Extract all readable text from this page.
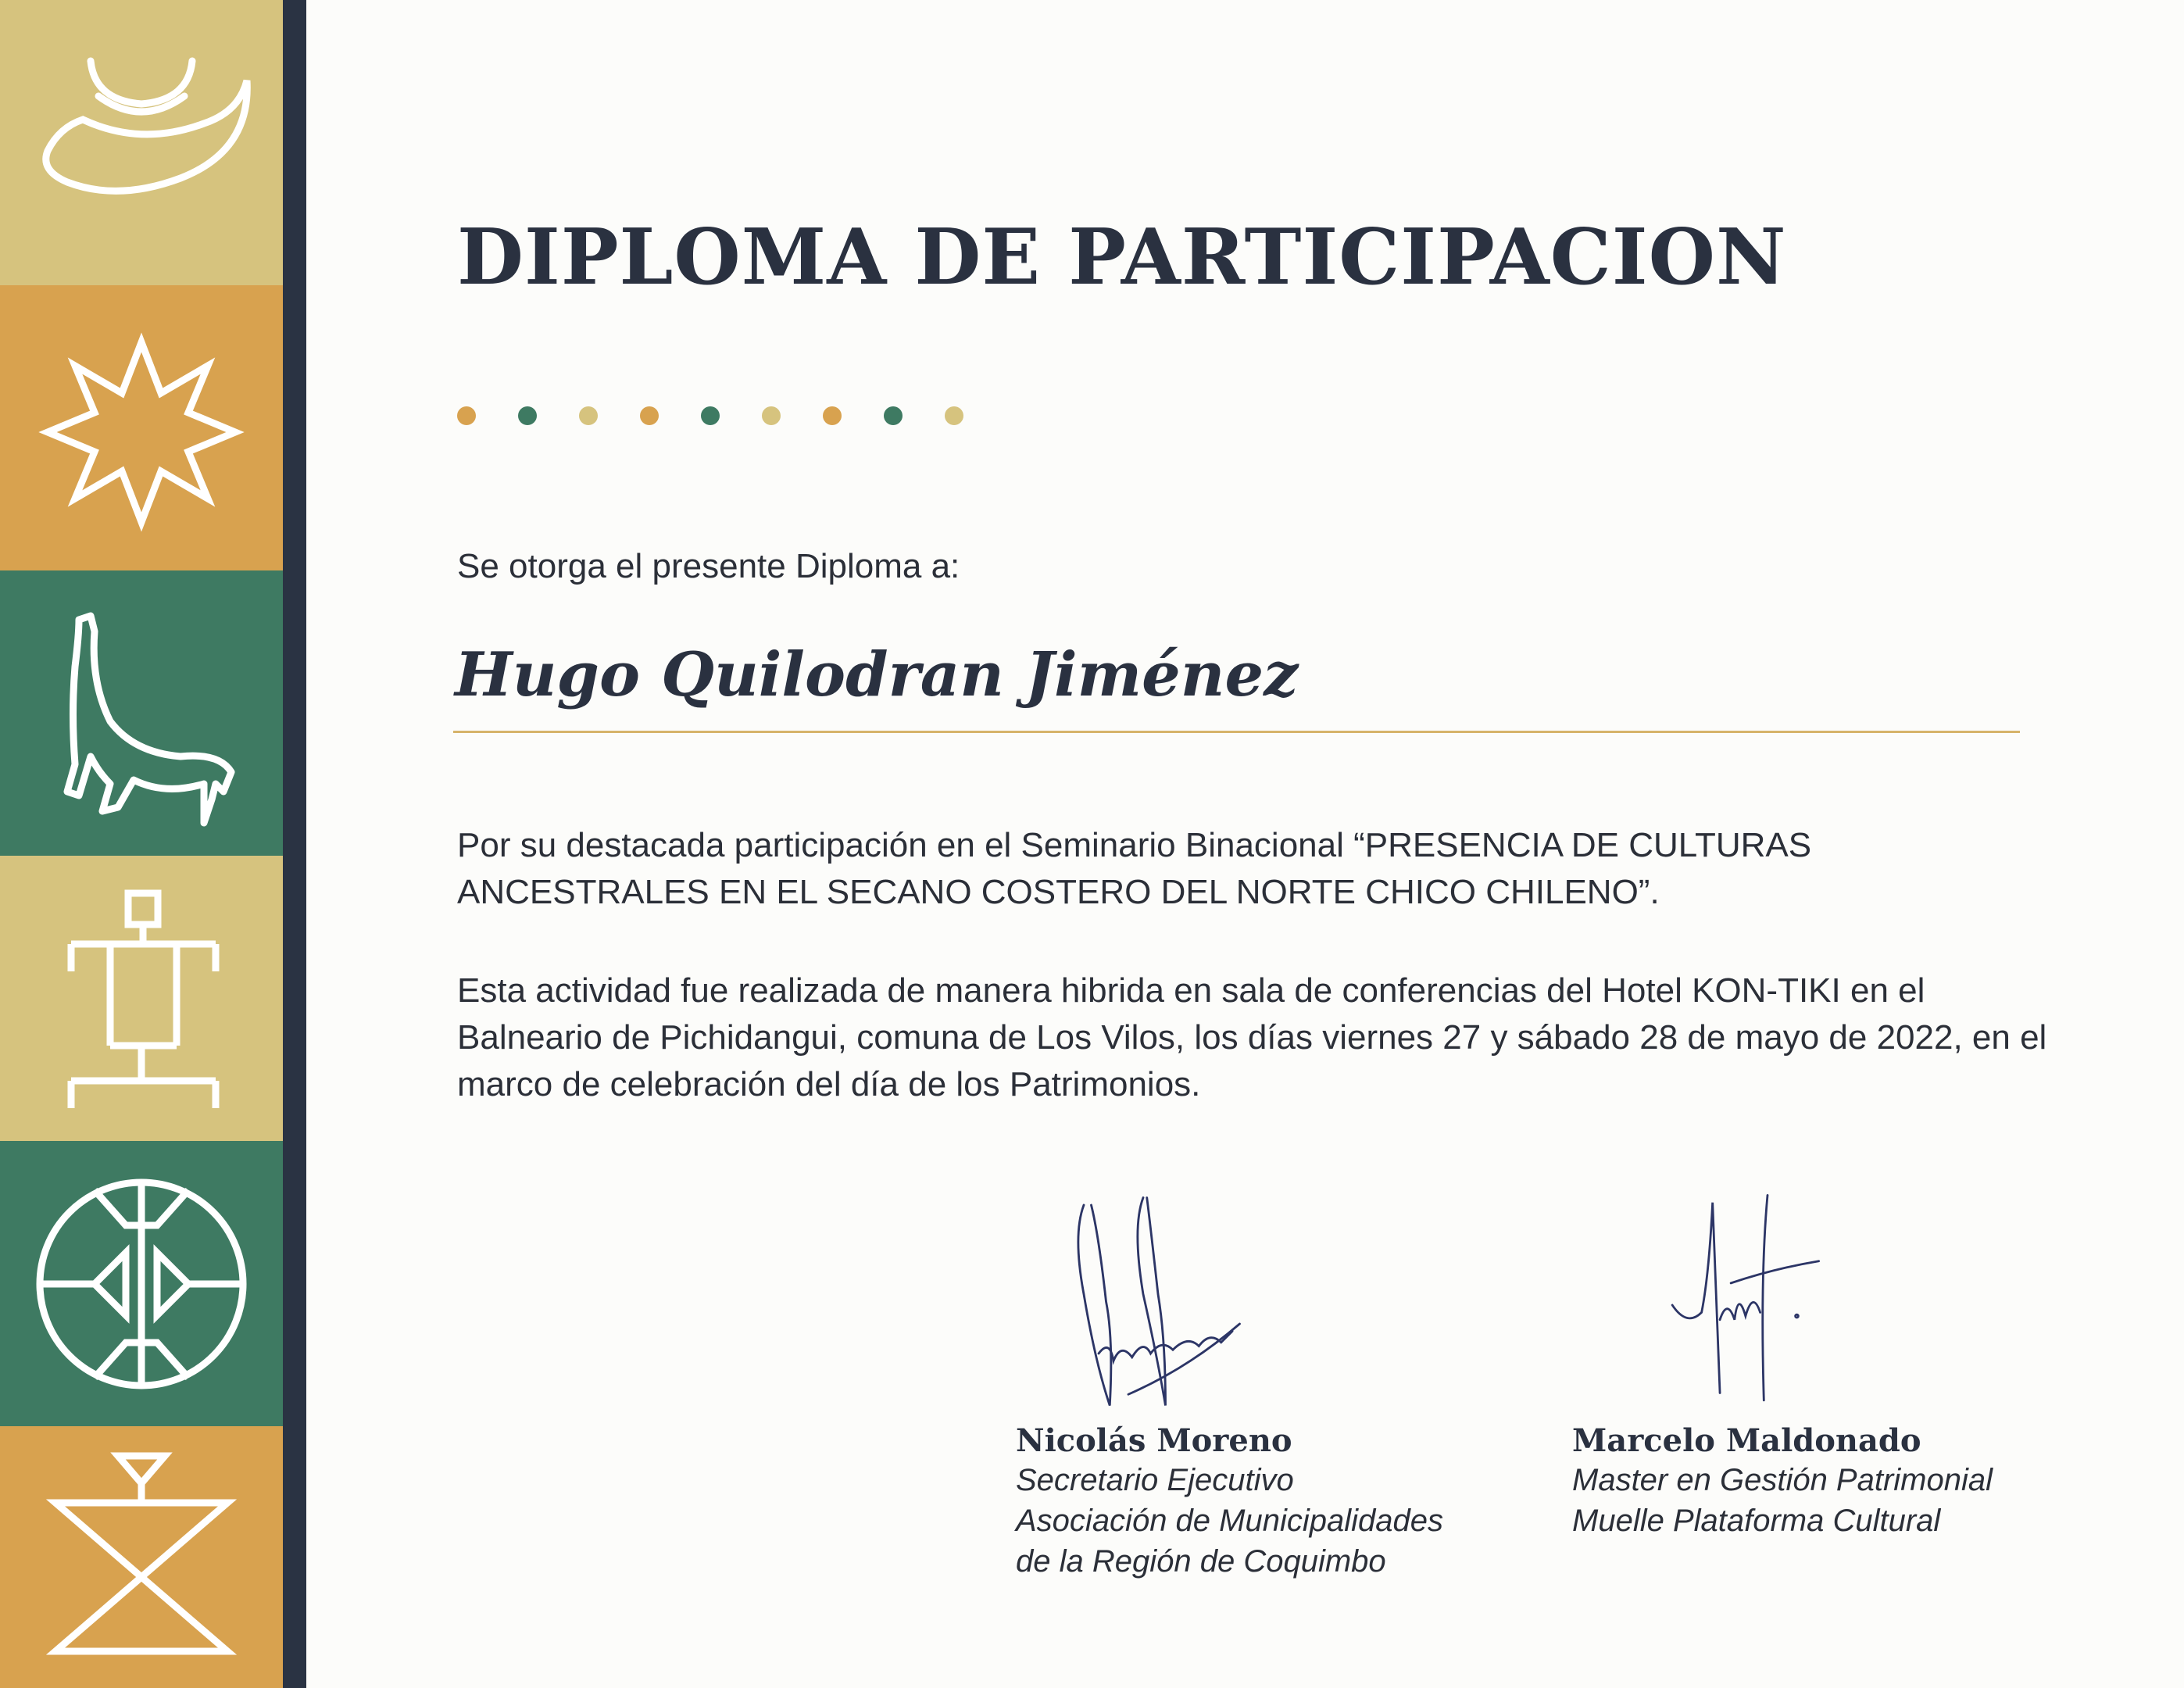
DIPLOMA DE PARTICIPACION
Se otorga el presente Diploma a:
Hugo Quilodran Jiménez
Por su destacada participación en el Seminario Binacional “PRESENCIA DE CULTURAS ANCESTRALES EN EL SECANO COSTERO DEL NORTE CHICO CHILENO”.
Esta actividad fue realizada de manera hibrida en sala de conferencias del Hotel KON-TIKI en el Balneario de Pichidangui, comuna de Los Vilos, los días viernes 27 y sábado 28 de mayo de 2022, en el marco de celebración del día de los Patrimonios.
Nicolás Moreno
Secretario Ejecutivo
Asociación de Municipalidades
de la Región de Coquimbo
Marcelo Maldonado
Master en Gestión Patrimonial
Muelle Plataforma Cultural
